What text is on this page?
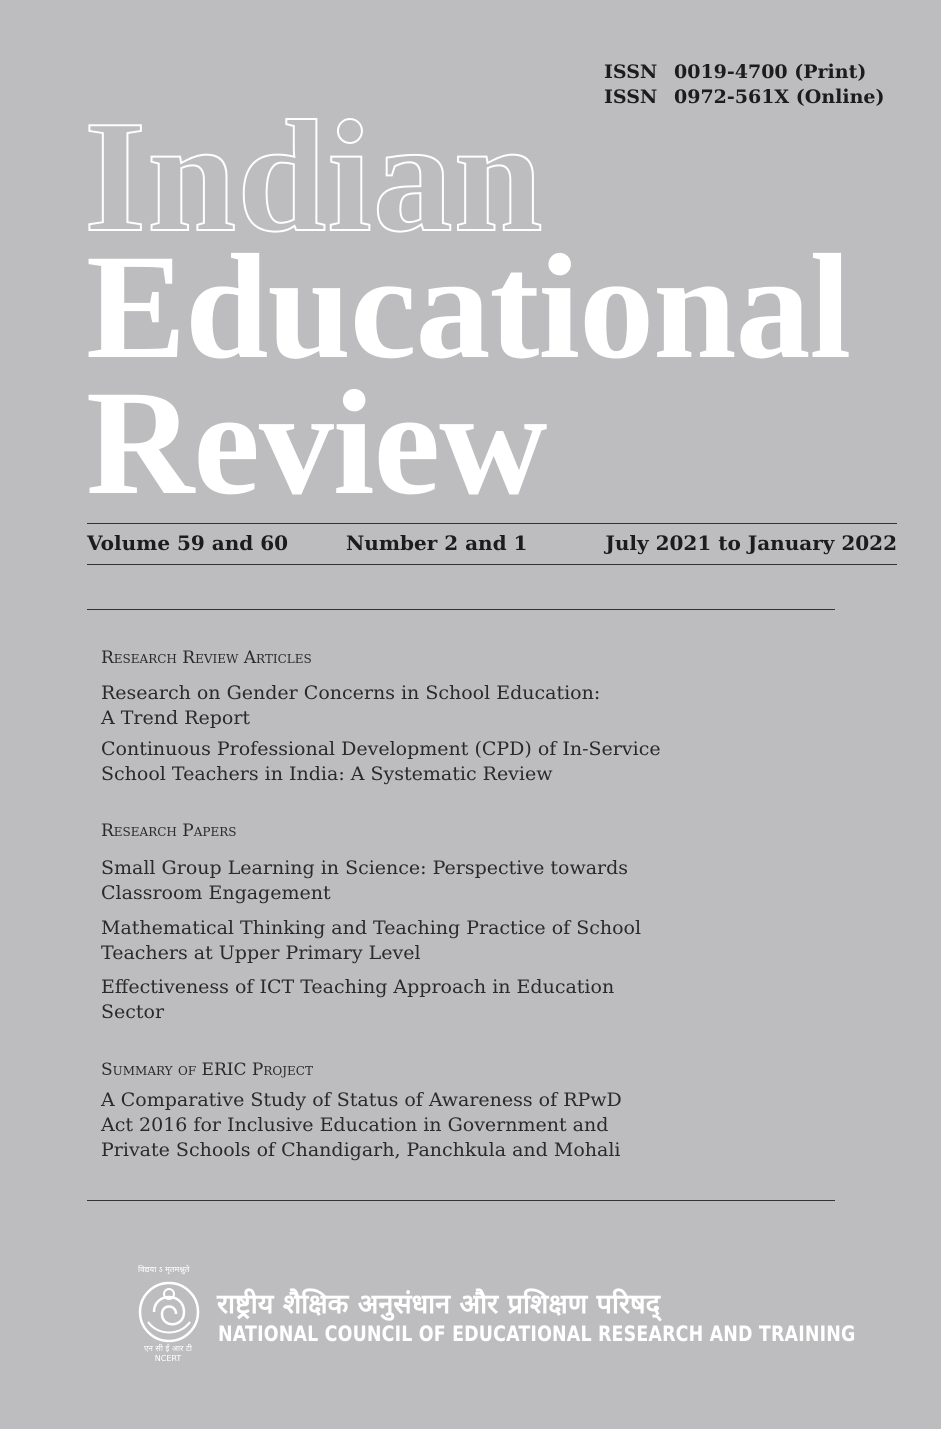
ISSN 0019-4700 (Print)
ISSN 0972-561X (Online)
Indian
Educational
Review
Volume 59 and 60	Number 2 and 1	July 2021 to January 2022

Research Review Articles

Research on Gender Concerns in School Education:
A Trend Report

Continuous Professional Development (CPD) of In-Service
School Teachers in India: A Systematic Review

Research Papers

Small Group Learning in Science: Perspective towards
Classroom Engagement

Mathematical Thinking and Teaching Practice of School
Teachers at Upper Primary Level

Effectiveness of ICT Teaching Approach in Education
Sector

Summary of ERIC Project

A Comparative Study of Status of Awareness of RPwD
Act 2016 for Inclusive Education in Government and
Private Schools of Chandigarh, Panchkula and Mohali

विद्यया ऽ मृतमश्नुते
एन सी ई आर टी
NCERT
राष्ट्रीय शैक्षिक अनुसंधान और प्रशिक्षण परिषद्
NATIONAL COUNCIL OF EDUCATIONAL RESEARCH AND TRAINING
